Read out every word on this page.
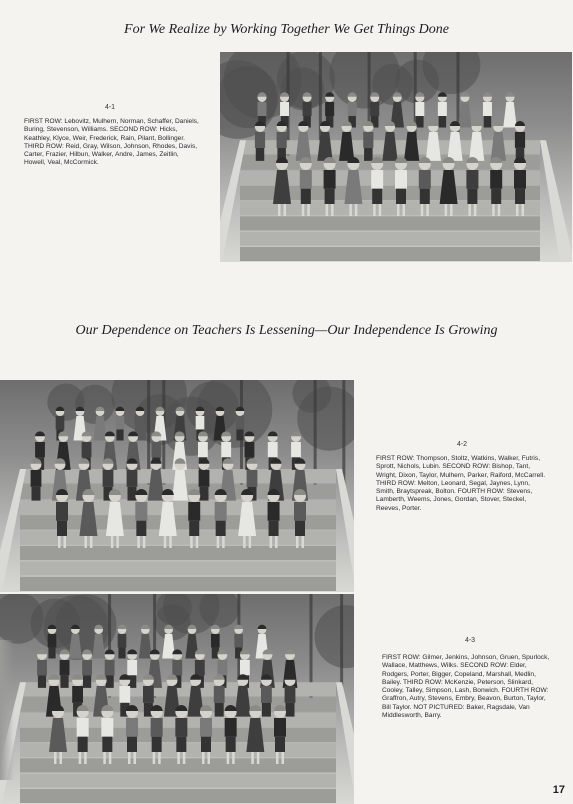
For We Realize by Working Together We Get Things Done
4-1
FIRST ROW: Lebovitz, Mulhern, Norman, Schaffer, Daniels, Buring, Stevenson, Williams. SECOND ROW: Hicks, Keathley, Klyce, Weir, Frederick, Rain, Pilant, Bollinger. THIRD ROW: Reid, Gray, Wilson, Johnson, Rhodes, Davis, Carter, Frazier, Hilbun, Walker, Andre, James, Zeitlin, Howell, Veal, McCormick.
Our Dependence on Teachers Is Lessening—Our Independence Is Growing
4-2
FIRST ROW: Thompson, Stoltz, Watkins, Walker, Futris, Sprott, Nichols, Lubin. SECOND ROW: Bishop, Tant, Wright, Dixon, Taylor, Mulhern, Parker, Raiford, McCarrell. THIRD ROW: Melton, Leonard, Segal, Jaynes, Lynn, Smith, Braytspreak, Bolton. FOURTH ROW: Stevens, Lamberth, Weems, Jones, Gordan, Stover, Steckel, Reeves, Porter.
4-3
FIRST ROW: Gilmer, Jenkins, Johnson, Gruen, Spurlock, Wallace, Matthews, Wilks. SECOND ROW: Elder, Rodgers, Porter, Bigger, Copeland, Marshall, Medlin, Bailey. THIRD ROW: McKenzie, Peterson, Slinkard, Cooley, Talley, Simpson, Lash, Bonwich. FOURTH ROW: Graffron, Autry, Stevens, Embry, Beavon, Burton, Taylor, Bill Taylor. NOT PICTURED: Baker, Ragsdale, Van Middlesworth, Barry.
17
